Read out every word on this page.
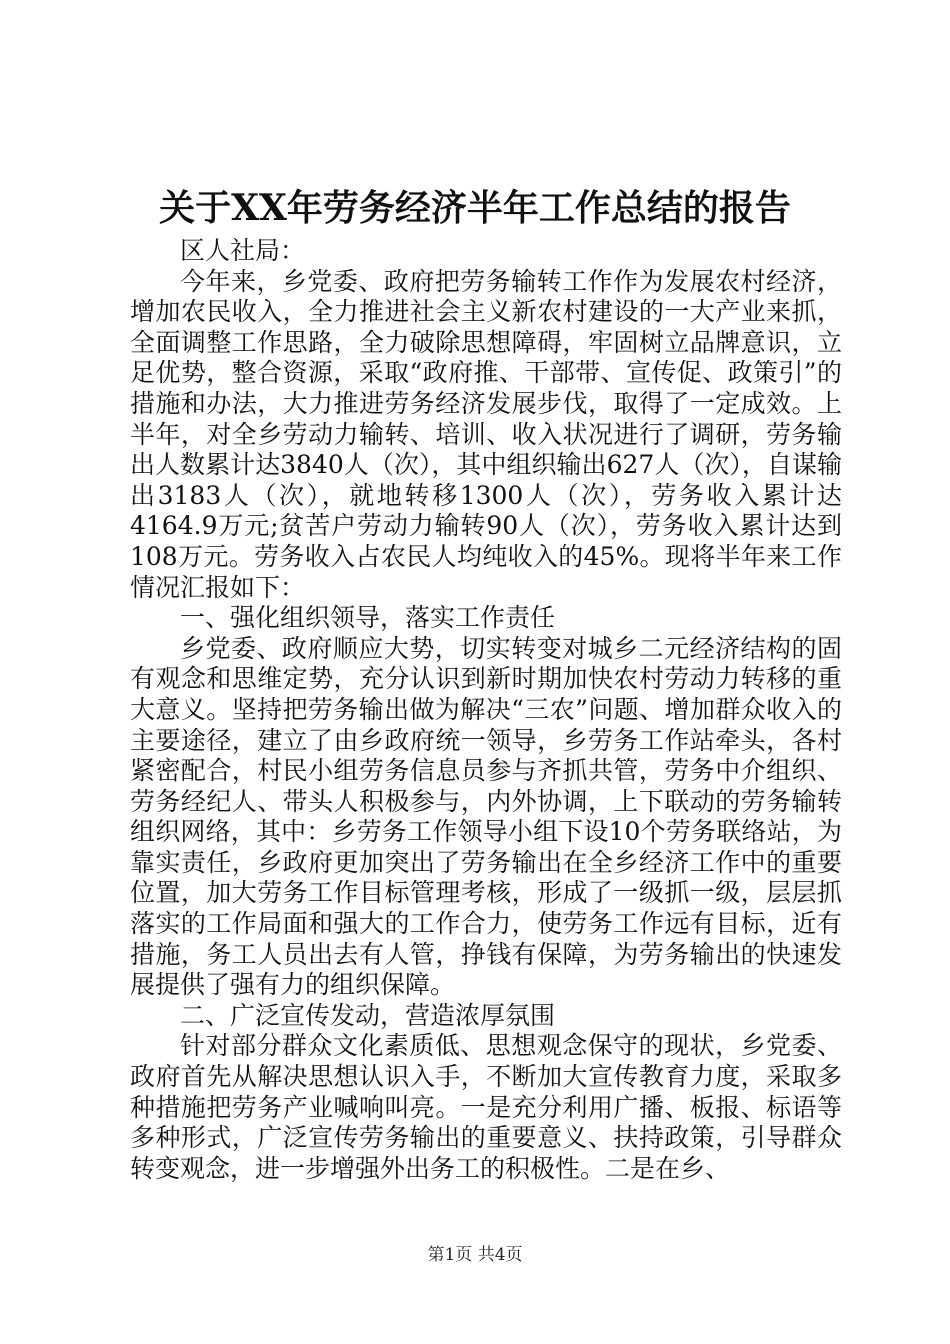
关于XX年劳务经济半年工作总结的报告

区人社局：

今年来，乡党委、政府把劳务输转工作作为发展农村经济，增加农民收入，全力推进社会主义新农村建设的一大产业来抓，全面调整工作思路，全力破除思想障碍，牢固树立品牌意识，立足优势，整合资源，采取“政府推、干部带、宣传促、政策引”的措施和办法，大力推进劳务经济发展步伐，取得了一定成效。上半年，对全乡劳动力输转、培训、收入状况进行了调研，劳务输出人数累计达3840人（次），其中组织输出627人（次），自谋输出3183人（次），就地转移1300人（次），劳务收入累计达4164.9万元;贫苦户劳动力输转90人（次），劳务收入累计达到108万元。劳务收入占农民人均纯收入的45%。现将半年来工作情况汇报如下：

一、强化组织领导，落实工作责任

乡党委、政府顺应大势，切实转变对城乡二元经济结构的固有观念和思维定势，充分认识到新时期加快农村劳动力转移的重大意义。坚持把劳务输出做为解决“三农”问题、增加群众收入的主要途径，建立了由乡政府统一领导，乡劳务工作站牵头，各村紧密配合，村民小组劳务信息员参与齐抓共管，劳务中介组织、劳务经纪人、带头人积极参与，内外协调，上下联动的劳务输转组织网络，其中：乡劳务工作领导小组下设10个劳务联络站，为靠实责任，乡政府更加突出了劳务输出在全乡经济工作中的重要位置，加大劳务工作目标管理考核，形成了一级抓一级，层层抓落实的工作局面和强大的工作合力，使劳务工作远有目标，近有措施，务工人员出去有人管，挣钱有保障，为劳务输出的快速发展提供了强有力的组织保障。

二、广泛宣传发动，营造浓厚氛围

针对部分群众文化素质低、思想观念保守的现状，乡党委、政府首先从解决思想认识入手，不断加大宣传教育力度，采取多种措施把劳务产业喊响叫亮。一是充分利用广播、板报、标语等多种形式，广泛宣传劳务输出的重要意义、扶持政策，引导群众转变观念，进一步增强外出务工的积极性。二是在乡、

第1页 共4页
